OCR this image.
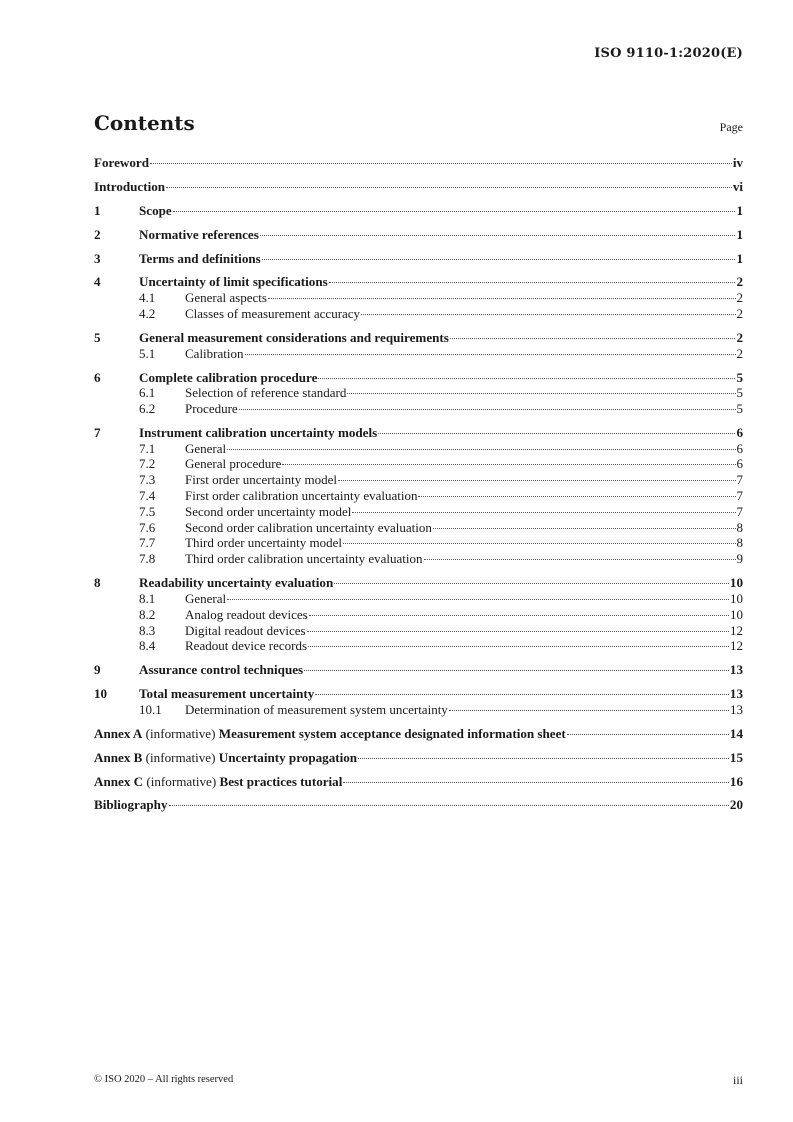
ISO 9110-1:2020(E)
Contents	Page
Foreword	iv
Introduction	vi
1	Scope	1
2	Normative references	1
3	Terms and definitions	1
4	Uncertainty of limit specifications	2
4.1	General aspects	2
4.2	Classes of measurement accuracy	2
5	General measurement considerations and requirements	2
5.1	Calibration	2
6	Complete calibration procedure	5
6.1	Selection of reference standard	5
6.2	Procedure	5
7	Instrument calibration uncertainty models	6
7.1	General	6
7.2	General procedure	6
7.3	First order uncertainty model	7
7.4	First order calibration uncertainty evaluation	7
7.5	Second order uncertainty model	7
7.6	Second order calibration uncertainty evaluation	8
7.7	Third order uncertainty model	8
7.8	Third order calibration uncertainty evaluation	9
8	Readability uncertainty evaluation	10
8.1	General	10
8.2	Analog readout devices	10
8.3	Digital readout devices	12
8.4	Readout device records	12
9	Assurance control techniques	13
10	Total measurement uncertainty	13
10.1	Determination of measurement system uncertainty	13
Annex A (informative) Measurement system acceptance designated information sheet	14
Annex B (informative) Uncertainty propagation	15
Annex C (informative) Best practices tutorial	16
Bibliography	20
© ISO 2020 – All rights reserved	iii
